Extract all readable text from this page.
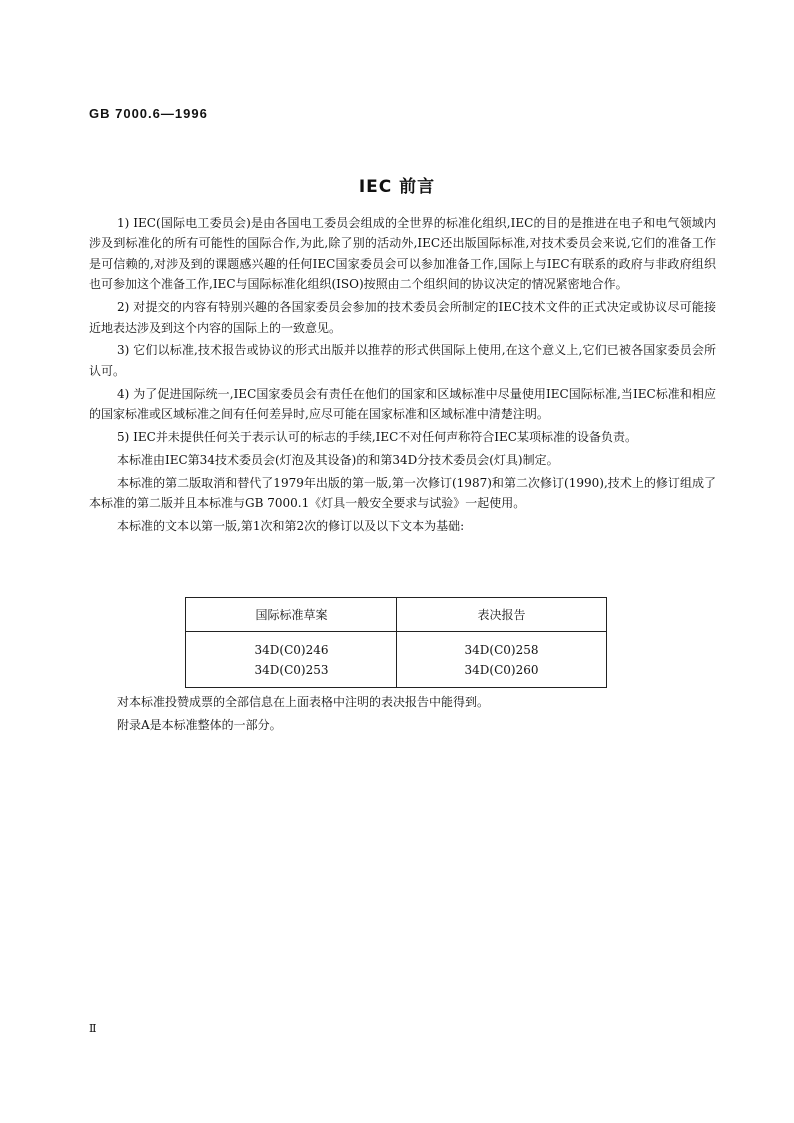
GB 7000.6—1996
IEC 前言

1) IEC(国际电工委员会)是由各国电工委员会组成的全世界的标准化组织,IEC的目的是推进在电子和电气领域内涉及到标准化的所有可能性的国际合作,为此,除了别的活动外,IEC还出版国际标准,对技术委员会来说,它们的准备工作是可信赖的,对涉及到的课题感兴趣的任何IEC国家委员会可以参加准备工作,国际上与IEC有联系的政府与非政府组织也可参加这个准备工作,IEC与国际标准化组织(ISO)按照由二个组织间的协议决定的情况紧密地合作。

2) 对提交的内容有特别兴趣的各国家委员会参加的技术委员会所制定的IEC技术文件的正式决定或协议尽可能接近地表达涉及到这个内容的国际上的一致意见。

3) 它们以标准,技术报告或协议的形式出版并以推荐的形式供国际上使用,在这个意义上,它们已被各国家委员会所认可。

4) 为了促进国际统一,IEC国家委员会有责任在他们的国家和区域标准中尽量使用IEC国际标准,当IEC标准和相应的国家标准或区域标准之间有任何差异时,应尽可能在国家标准和区域标准中清楚注明。

5) IEC并未提供任何关于表示认可的标志的手续,IEC不对任何声称符合IEC某项标准的设备负责。

本标准由IEC第34技术委员会(灯泡及其设备)的和第34D分技术委员会(灯具)制定。

本标准的第二版取消和替代了1979年出版的第一版,第一次修订(1987)和第二次修订(1990),技术上的修订组成了本标准的第二版并且本标准与GB 7000.1《灯具一般安全要求与试验》一起使用。

本标准的文本以第一版,第1次和第2次的修订以及以下文本为基础:

国际标准草案
34D(C0)246
34D(C0)253
表决报告
34D(C0)258
34D(C0)260

对本标准投赞成票的全部信息在上面表格中注明的表决报告中能得到。

附录A是本标准整体的一部分。

Ⅱ
